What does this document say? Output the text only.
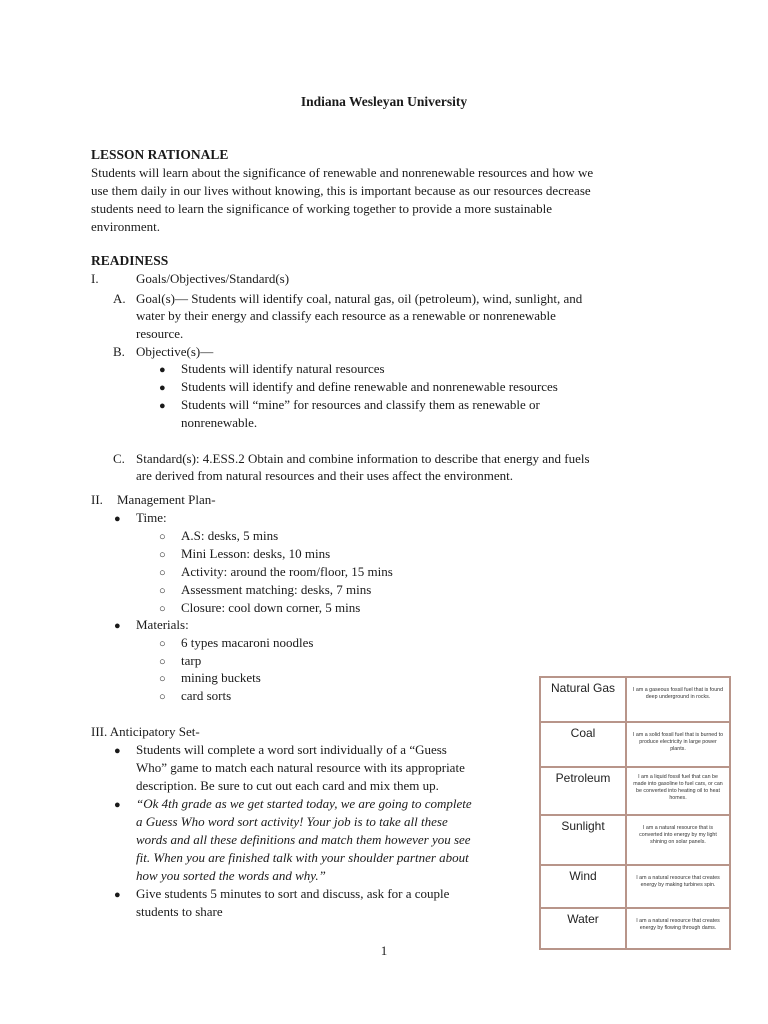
Indiana Wesleyan University
LESSON RATIONALE
Students will learn about the significance of renewable and nonrenewable resources and how we
use them daily in our lives without knowing, this is important because as our resources decrease
students need to learn the significance of working together to provide a more sustainable
environment.
READINESS
I.	Goals/Objectives/Standard(s)
A. Goal(s)— Students will identify coal, natural gas, oil (petroleum), wind, sunlight, and
water by their energy and classify each resource as a renewable or nonrenewable
resource.
B. Objective(s)—
● Students will identify natural resources
● Students will identify and define renewable and nonrenewable resources
● Students will “mine” for resources and classify them as renewable or
nonrenewable.
C. Standard(s): 4.ESS.2 Obtain and combine information to describe that energy and fuels
are derived from natural resources and their uses affect the environment.
II. Management Plan-
● Time:
○ A.S: desks, 5 mins
○ Mini Lesson: desks, 10 mins
○ Activity: around the room/floor, 15 mins
○ Assessment matching: desks, 7 mins
○ Closure: cool down corner, 5 mins
● Materials:
○ 6 types macaroni noodles
○ tarp
○ mining buckets
○ card sorts
III. Anticipatory Set-
● Students will complete a word sort individually of a “Guess
Who” game to match each natural resource with its appropriate
description. Be sure to cut out each card and mix them up.
● “Ok 4th grade as we get started today, we are going to complete
a Guess Who word sort activity! Your job is to take all these
words and all these definitions and match them however you see
fit. When you are finished talk with your shoulder partner about
how you sorted the words and why.”
● Give students 5 minutes to sort and discuss, ask for a couple
students to share
Natural Gas	I am a gaseous fossil fuel that is found deep underground in rocks.
Coal	I am a solid fossil fuel that is burned to produce electricity in large power plants.
Petroleum	I am a liquid fossil fuel that can be made into gasoline to fuel cars, or can be converted into heating oil to heat homes.
Sunlight	I am a natural resource that is converted into energy by my light shining on solar panels.
Wind	I am a natural resource that creates energy by making turbines spin.
Water	I am a natural resource that creates energy by flowing through dams.
1
